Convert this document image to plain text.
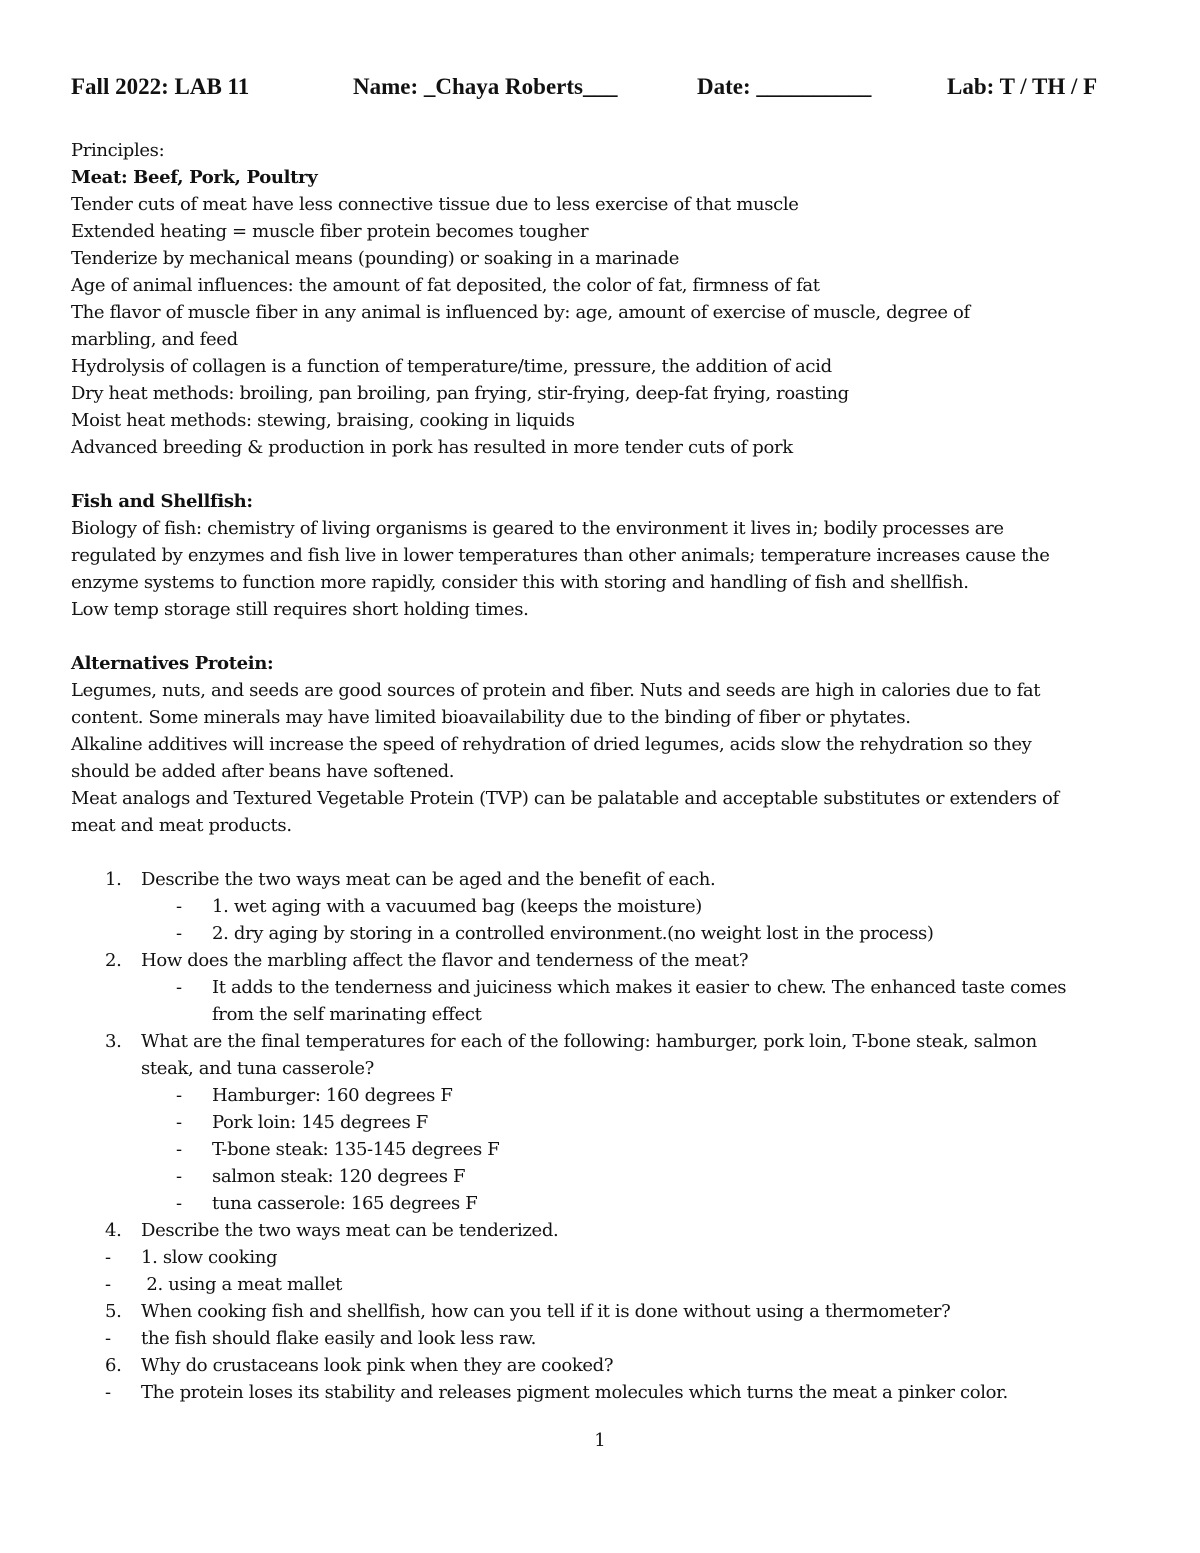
Fall 2022: LAB 11	Name: _Chaya Roberts___	Date: __________	Lab: T / TH / F

Principles:

Meat: Beef, Pork, Poultry

Tender cuts of meat have less connective tissue due to less exercise of that muscle

Extended heating = muscle fiber protein becomes tougher

Tenderize by mechanical means (pounding) or soaking in a marinade

Age of animal influences: the amount of fat deposited, the color of fat, firmness of fat

The flavor of muscle fiber in any animal is influenced by: age, amount of exercise of muscle, degree of

marbling, and feed

Hydrolysis of collagen is a function of temperature/time, pressure, the addition of acid

Dry heat methods: broiling, pan broiling, pan frying, stir-frying, deep-fat frying, roasting

Moist heat methods: stewing, braising, cooking in liquids

Advanced breeding & production in pork has resulted in more tender cuts of pork

Fish and Shellfish:

Biology of fish: chemistry of living organisms is geared to the environment it lives in; bodily processes are

regulated by enzymes and fish live in lower temperatures than other animals; temperature increases cause the

enzyme systems to function more rapidly, consider this with storing and handling of fish and shellfish.

Low temp storage still requires short holding times.

Alternatives Protein:

Legumes, nuts, and seeds are good sources of protein and fiber. Nuts and seeds are high in calories due to fat

content. Some minerals may have limited bioavailability due to the binding of fiber or phytates.

Alkaline additives will increase the speed of rehydration of dried legumes, acids slow the rehydration so they

should be added after beans have softened.

Meat analogs and Textured Vegetable Protein (TVP) can be palatable and acceptable substitutes or extenders of

meat and meat products.

1. Describe the two ways meat can be aged and the benefit of each.
- 1. wet aging with a vacuumed bag (keeps the moisture)
- 2. dry aging by storing in a controlled environment.(no weight lost in the process)
2. How does the marbling affect the flavor and tenderness of the meat?
- It adds to the tenderness and juiciness which makes it easier to chew. The enhanced taste comes
from the self marinating effect
3. What are the final temperatures for each of the following: hamburger, pork loin, T-bone steak, salmon
steak, and tuna casserole?
- Hamburger: 160 degrees F
- Pork loin: 145 degrees F
- T-bone steak: 135-145 degrees F
- salmon steak: 120 degrees F
- tuna casserole: 165 degrees F
4. Describe the two ways meat can be tenderized.
- 1. slow cooking
- 2. using a meat mallet
5. When cooking fish and shellfish, how can you tell if it is done without using a thermometer?
- the fish should flake easily and look less raw.
6. Why do crustaceans look pink when they are cooked?
- The protein loses its stability and releases pigment molecules which turns the meat a pinker color.
1
